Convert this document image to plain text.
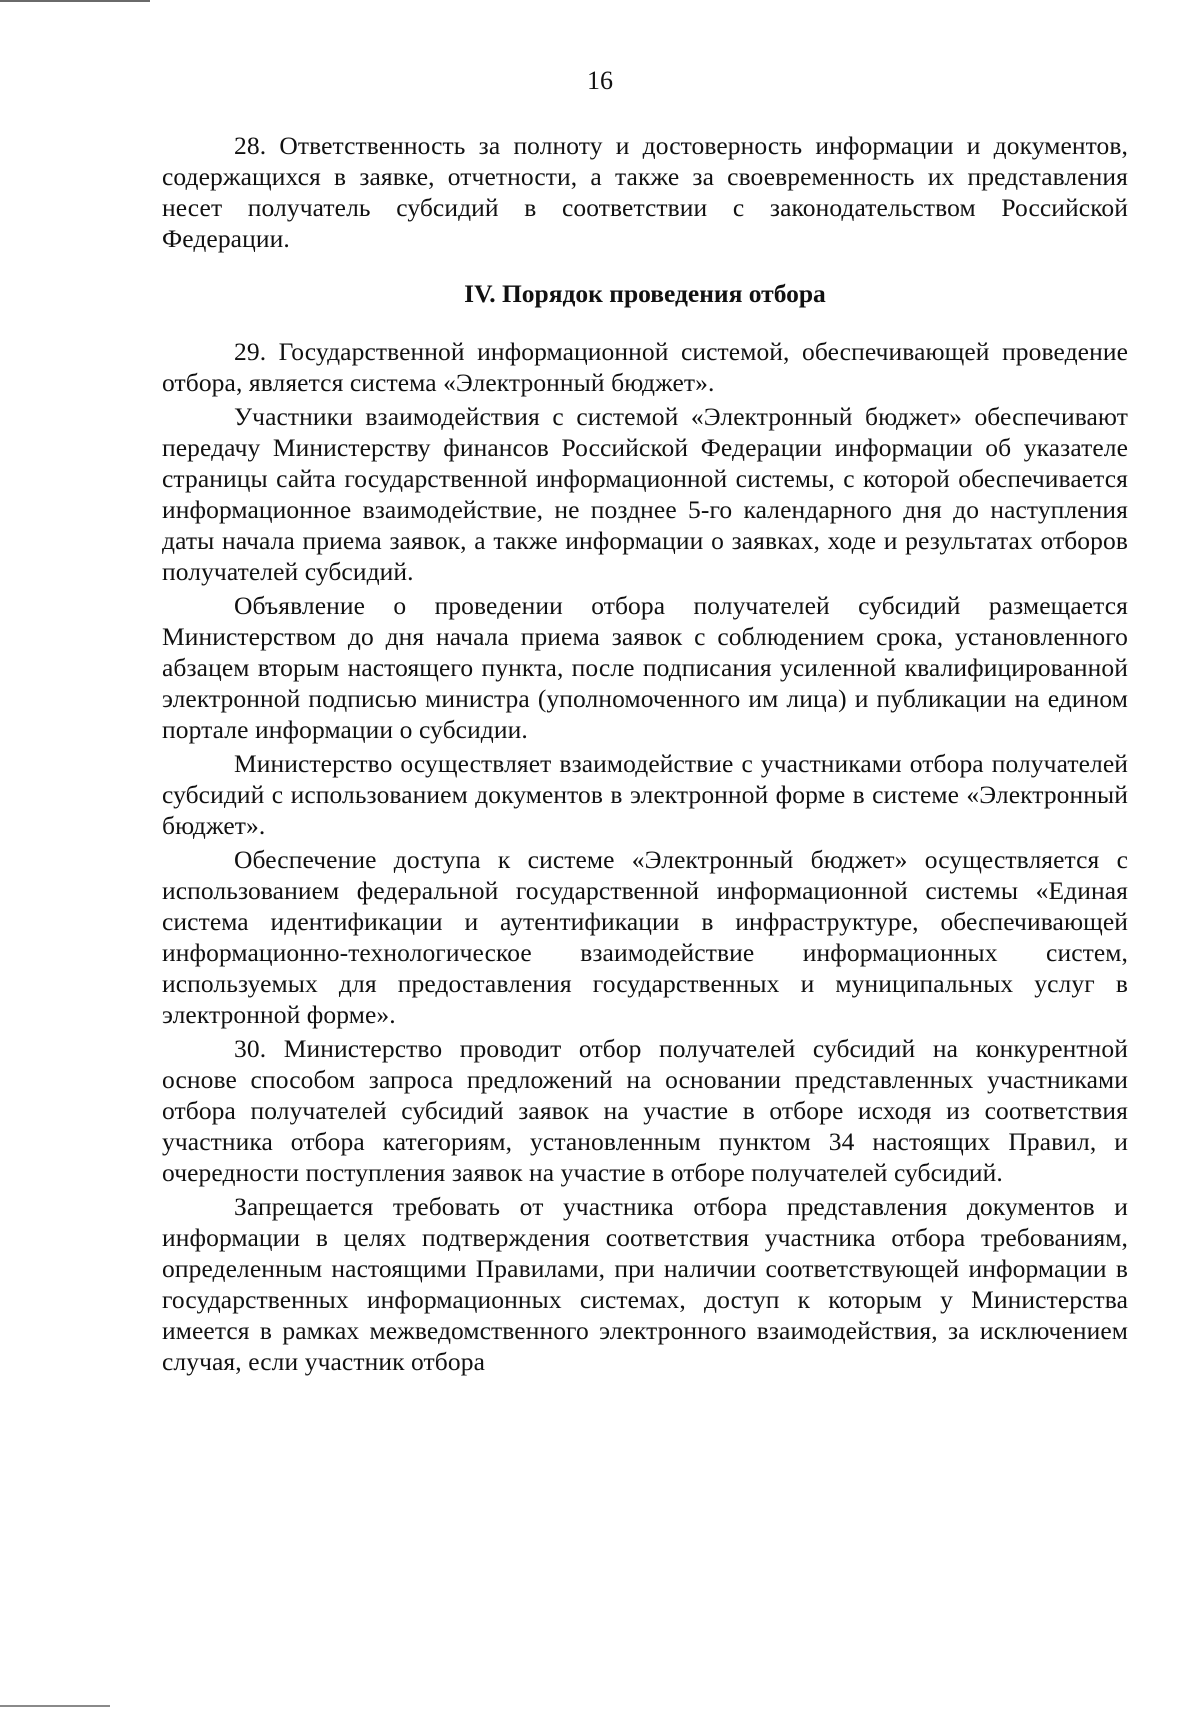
16

28. Ответственность за полноту и достоверность информации и документов, содержащихся в заявке, отчетности, а также за своевременность их представления несет получатель субсидий в соответствии с законодательством Российской Федерации.

IV. Порядок проведения отбора

29. Государственной информационной системой, обеспечивающей проведение отбора, является система «Электронный бюджет».

Участники взаимодействия с системой «Электронный бюджет» обеспечивают передачу Министерству финансов Российской Федерации информации об указателе страницы сайта государственной информационной системы, с которой обеспечивается информационное взаимодействие, не позднее 5-го календарного дня до наступления даты начала приема заявок, а также информации о заявках, ходе и результатах отборов получателей субсидий.

Объявление о проведении отбора получателей субсидий размещается Министерством до дня начала приема заявок с соблюдением срока, установленного абзацем вторым настоящего пункта, после подписания усиленной квалифицированной электронной подписью министра (уполномоченного им лица) и публикации на едином портале информации о субсидии.

Министерство осуществляет взаимодействие с участниками отбора получателей субсидий с использованием документов в электронной форме в системе «Электронный бюджет».

Обеспечение доступа к системе «Электронный бюджет» осуществляется с использованием федеральной государственной информационной системы «Единая система идентификации и аутентификации в инфраструктуре, обеспечивающей информационно-технологическое взаимодействие информационных систем, используемых для предоставления государственных и муниципальных услуг в электронной форме».

30. Министерство проводит отбор получателей субсидий на конкурентной основе способом запроса предложений на основании представленных участниками отбора получателей субсидий заявок на участие в отборе исходя из соответствия участника отбора категориям, установленным пунктом 34 настоящих Правил, и очередности поступления заявок на участие в отборе получателей субсидий.

Запрещается требовать от участника отбора представления документов и информации в целях подтверждения соответствия участника отбора требованиям, определенным настоящими Правилами, при наличии соответствующей информации в государственных информационных системах, доступ к которым у Министерства имеется в рамках межведомственного электронного взаимодействия, за исключением случая, если участник отбора
